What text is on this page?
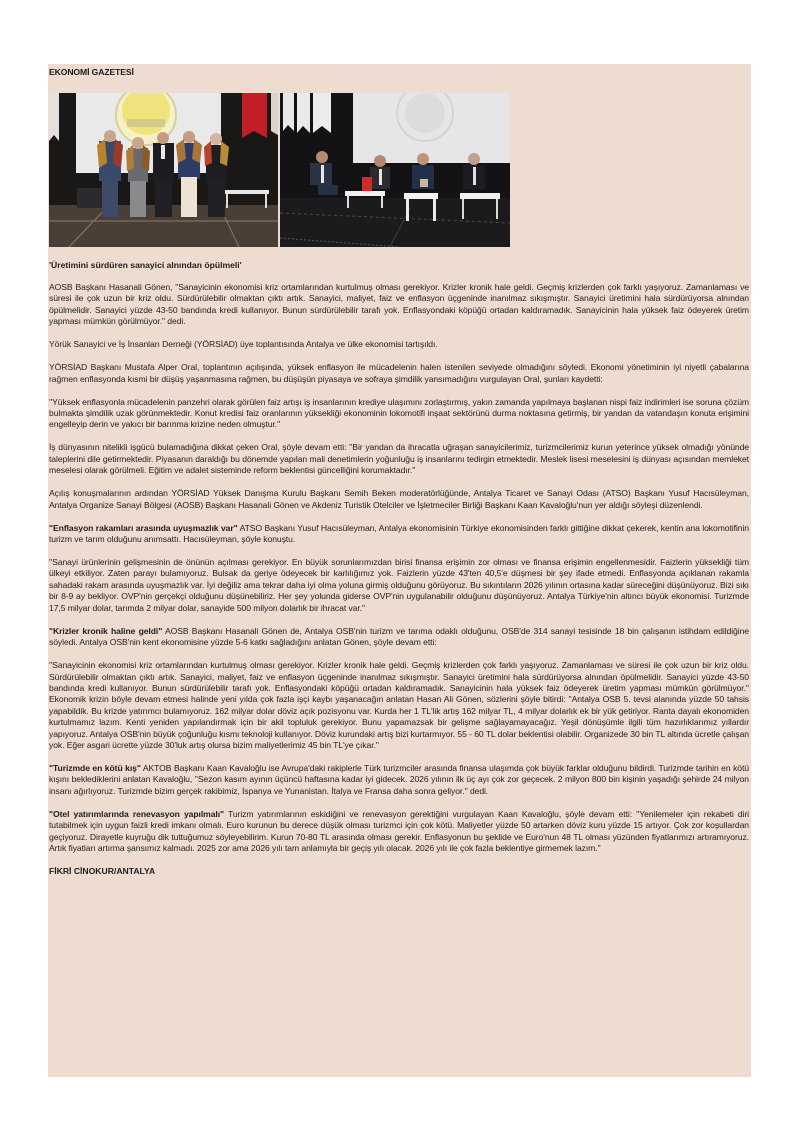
EKONOMİ GAZETESİ
'Üretimini sürdüren sanayici alnından öpülmeli'

AOSB Başkanı Hasanali Gönen, "Sanayicinin ekonomisi kriz ortamlarından kurtulmuş olması gerekiyor. Krizler kronik hale geldi. Geçmiş krizlerden çok farklı yaşıyoruz. Zamanlaması ve süresi ile çok uzun bir kriz oldu. Sürdürülebilir olmaktan çıktı artık. Sanayici, maliyet, faiz ve enflasyon üçgeninde inanılmaz sıkışmıştır. Sanayici üretimini hala sürdürüyorsa alnından öpülmelidir. Sanayici yüzde 43-50 bandında kredi kullanıyor. Bunun sürdürülebilir tarafı yok. Enflasyondaki köpüğü ortadan kaldıramadık. Sanayicinin hala yüksek faiz ödeyerek üretim yapması mümkün görülmüyor." dedi.

Yörük Sanayici ve İş İnsanları Derneği (YÖRSİAD) üye toplantısında Antalya ve ülke ekonomisi tartışıldı.

YÖRSİAD Başkanı Mustafa Alper Oral, toplantının açılışında, yüksek enflasyon ile mücadelenin halen istenilen seviyede olmadığını söyledi. Ekonomi yönetiminin iyi niyetli çabalarına rağmen enflasyonda kısmi bir düşüş yaşanmasına rağmen, bu düşüşün piyasaya ve sofraya şimdilik yansımadığını vurgulayan Oral, şunları kaydetti:

''Yüksek enflasyonla mücadelenin panzehri olarak görülen faiz artışı iş insanlarının krediye ulaşımını zorlaştırmış, yakın zamanda yapılmaya başlanan nispi faiz indirimleri ise soruna çözüm bulmakta şimdilik uzak görünmektedir. Konut kredisi faiz oranlarının yüksekliği ekonominin lokomotifi inşaat sektörünü durma noktasına getirmiş, bir yandan da vatandaşın konuta erişimini engelleyip derin ve yakıcı bir barınma krizine neden olmuştur."

İş dünyasının nitelikli işgücü bulamadığına dikkat çeken Oral, şöyle devam etti: ''Bir yandan da ihracatla uğraşan sanayicilerimiz, turizmcilerimiz kurun yeterince yüksek olmadığı yönünde taleplerini dile getirmektedir. Piyasanın daraldığı bu dönemde yapılan mali denetimlerin yoğunluğu iş insanlarını tedirgin etmektedir. Meslek lisesi meselesini iş dünyası açısından memleket meselesi olarak görülmeli. Eğitim ve adalet sisteminde reform beklentisi güncelliğini korumaktadır.''

Açılış konuşmalarının ardından YÖRSİAD Yüksek Danışma Kurulu Başkanı Semih Beken moderatörlüğünde, Antalya Ticaret ve Sanayi Odası (ATSO) Başkanı Yusuf Hacısüleyman, Antalya Organize Sanayi Bölgesi (AOSB) Başkanı Hasanali Gönen ve Akdeniz Turistik Otelciler ve İşletmeciler Birliği Başkanı Kaan Kavaloğlu'nun yer aldığı söyleşi düzenlendi.

"Enflasyon rakamları arasında uyuşmazlık var" ATSO Başkanı Yusuf Hacısüleyman, Antalya ekonomisinin Türkiye ekonomisinden farklı gittiğine dikkat çekerek, kentin ana lokomotifinin turizm ve tarım olduğunu anımsattı. Hacısüleyman, şöyle konuştu.

''Sanayi ürünlerinin gelişmesinin de önünün açılması gerekiyor. En büyük sorunlarımızdan birisi finansa erişimin zor olması ve finansa erişimin engellenmesidir. Faizlerin yüksekliği tüm ülkeyi etkiliyor. Zaten parayı bulamıyoruz. Bulsak da geriye ödeyecek bir karlılığımız yok. Faizlerin yüzde 43'ten 40,5'e düşmesi bir şey ifade etmedi. Enflasyonda açıklanan rakamla sahadaki rakam arasında uyuşmazlık var. İyi değiliz ama tekrar daha iyi olma yoluna girmiş olduğunu görüyoruz. Bu sıkıntıların 2026 yılının ortasına kadar süreceğini düşünüyoruz. Bizi sıkı bir 8-9 ay bekliyor. OVP'nin gerçekçi olduğunu düşünebiliriz. Her şey yolunda giderse OVP'nin uygulanabilir olduğunu düşünüyoruz. Antalya Türkiye'nin altıncı büyük ekonomisi. Turizmde 17,5 milyar dolar, tarımda 2 milyar dolar, sanayide 500 milyon dolarlık bir ihracat var."

"Krizler kronik haline geldi" AOSB Başkanı Hasanali Gönen de, Antalya OSB'nin turizm ve tarıma odaklı olduğunu, OSB'de 314 sanayi tesisinde 18 bin çalışanın istihdam edildiğine söyledi. Antalya OSB'nin kent ekonomisine yüzde 5-6 katkı sağladığını anlatan Gönen, şöyle devam etti:

''Sanayicinin ekonomisi kriz ortamlarından kurtulmuş olması gerekiyor. Krizler kronik hale geldi. Geçmiş krizlerden çok farklı yaşıyoruz. Zamanlaması ve süresi ile çok uzun bir kriz oldu. Sürdürülebilir olmaktan çıktı artık. Sanayici, maliyet, faiz ve enflasyon üçgeninde inanılmaz sıkışmıştır. Sanayici üretimini hala sürdürüyorsa alnından öpülmelidir. Sanayici yüzde 43-50 bandında kredi kullanıyor. Bunun sürdürülebilir tarafı yok. Enflasyondaki köpüğü ortadan kaldıramadık. Sanayicinin hala yüksek faiz ödeyerek üretim yapması mümkün görülmüyor.'' Ekonomik krizin böyle devam etmesi halinde yeni yılda çok fazla işçi kaybı yaşanacağın anlatan Hasan Ali Gönen, sözlerini şöyle bitirdi: ''Antalya OSB 5. tevsi alanında yüzde 50 tahsis yapabildik. Bu krizde yatırımcı bulamıyoruz. 162 milyar dolar döviz açık pozisyonu var. Kurda her 1 TL'lik artış 162 milyar TL, 4 milyar dolarlık ek bir yük getiriyor. Ranta dayalı ekonomiden kurtulmamız lazım. Kenti yeniden yapılandırmak için bir akil topluluk gerekiyor. Bunu yapamazsak bir gelişme sağlayamayacağız. Yeşil dönüşümle ilgili tüm hazırlıklarımız yıllardır yapıyoruz. Antalya OSB'nin büyük çoğunluğu kısmı teknoloji kullanıyor. Döviz kurundaki artış bizi kurtarmıyor. 55 - 60 TL dolar beklentisi olabilir. Organizede 30 bin TL altında ücretle çalışan yok. Eğer asgari ücrette yüzde 30'luk artış olursa bizim maliyetlerimiz 45 bin TL'ye çıkar."

"Turizmde en kötü kış" AKTOB Başkanı Kaan Kavaloğlu ise Avrupa'daki rakiplerle Türk turizmciler arasında finansa ulaşımda çok büyük farklar olduğunu bildirdi. Turizmde tarihin en kötü kışını beklediklerini anlatan Kavaloğlu, ''Sezon kasım ayının üçüncü haftasına kadar iyi gidecek. 2026 yılının ilk üç ayı çok zor geçecek. 2 milyon 800 bin kişinin yaşadığı şehirde 24 milyon insanı ağırlıyoruz. Turizmde bizim gerçek rakibimiz, İspanya ve Yunanistan. İtalya ve Fransa daha sonra geliyor.'' dedi.

"Otel yatırımlarında renevasyon yapılmalı" Turizm yatırımlarının eskidiğini ve renevasyon gerektiğini vurgulayan Kaan Kavaloğlu, şöyle devam etti: ''Yenilemeler için rekabeti diri tutabilmek için uygun faizli kredi imkanı olmalı. Euro kurunun bu derece düşük olması turizmci için çok kötü. Maliyetler yüzde 50 artarken döviz kuru yüzde 15 artıyor. Çok zor koşullardan geçiyoruz. Dirayetle kuyruğu dik tuttuğumuz söyleyebilirim. Kurun 70-80 TL arasında olması gerekir. Enflasyonun bu şeklide ve Euro'nun 48 TL olması yüzünden fiyatlarımızı artıramıyoruz. Artık fiyatları artırma şansımız kalmadı. 2025 zor ama 2026 yılı tam anlamıyla bir geçiş yılı olacak. 2026 yılı ile çok fazla beklentiye girmemek lazım."

FİKRİ CİNOKUR/ANTALYA
